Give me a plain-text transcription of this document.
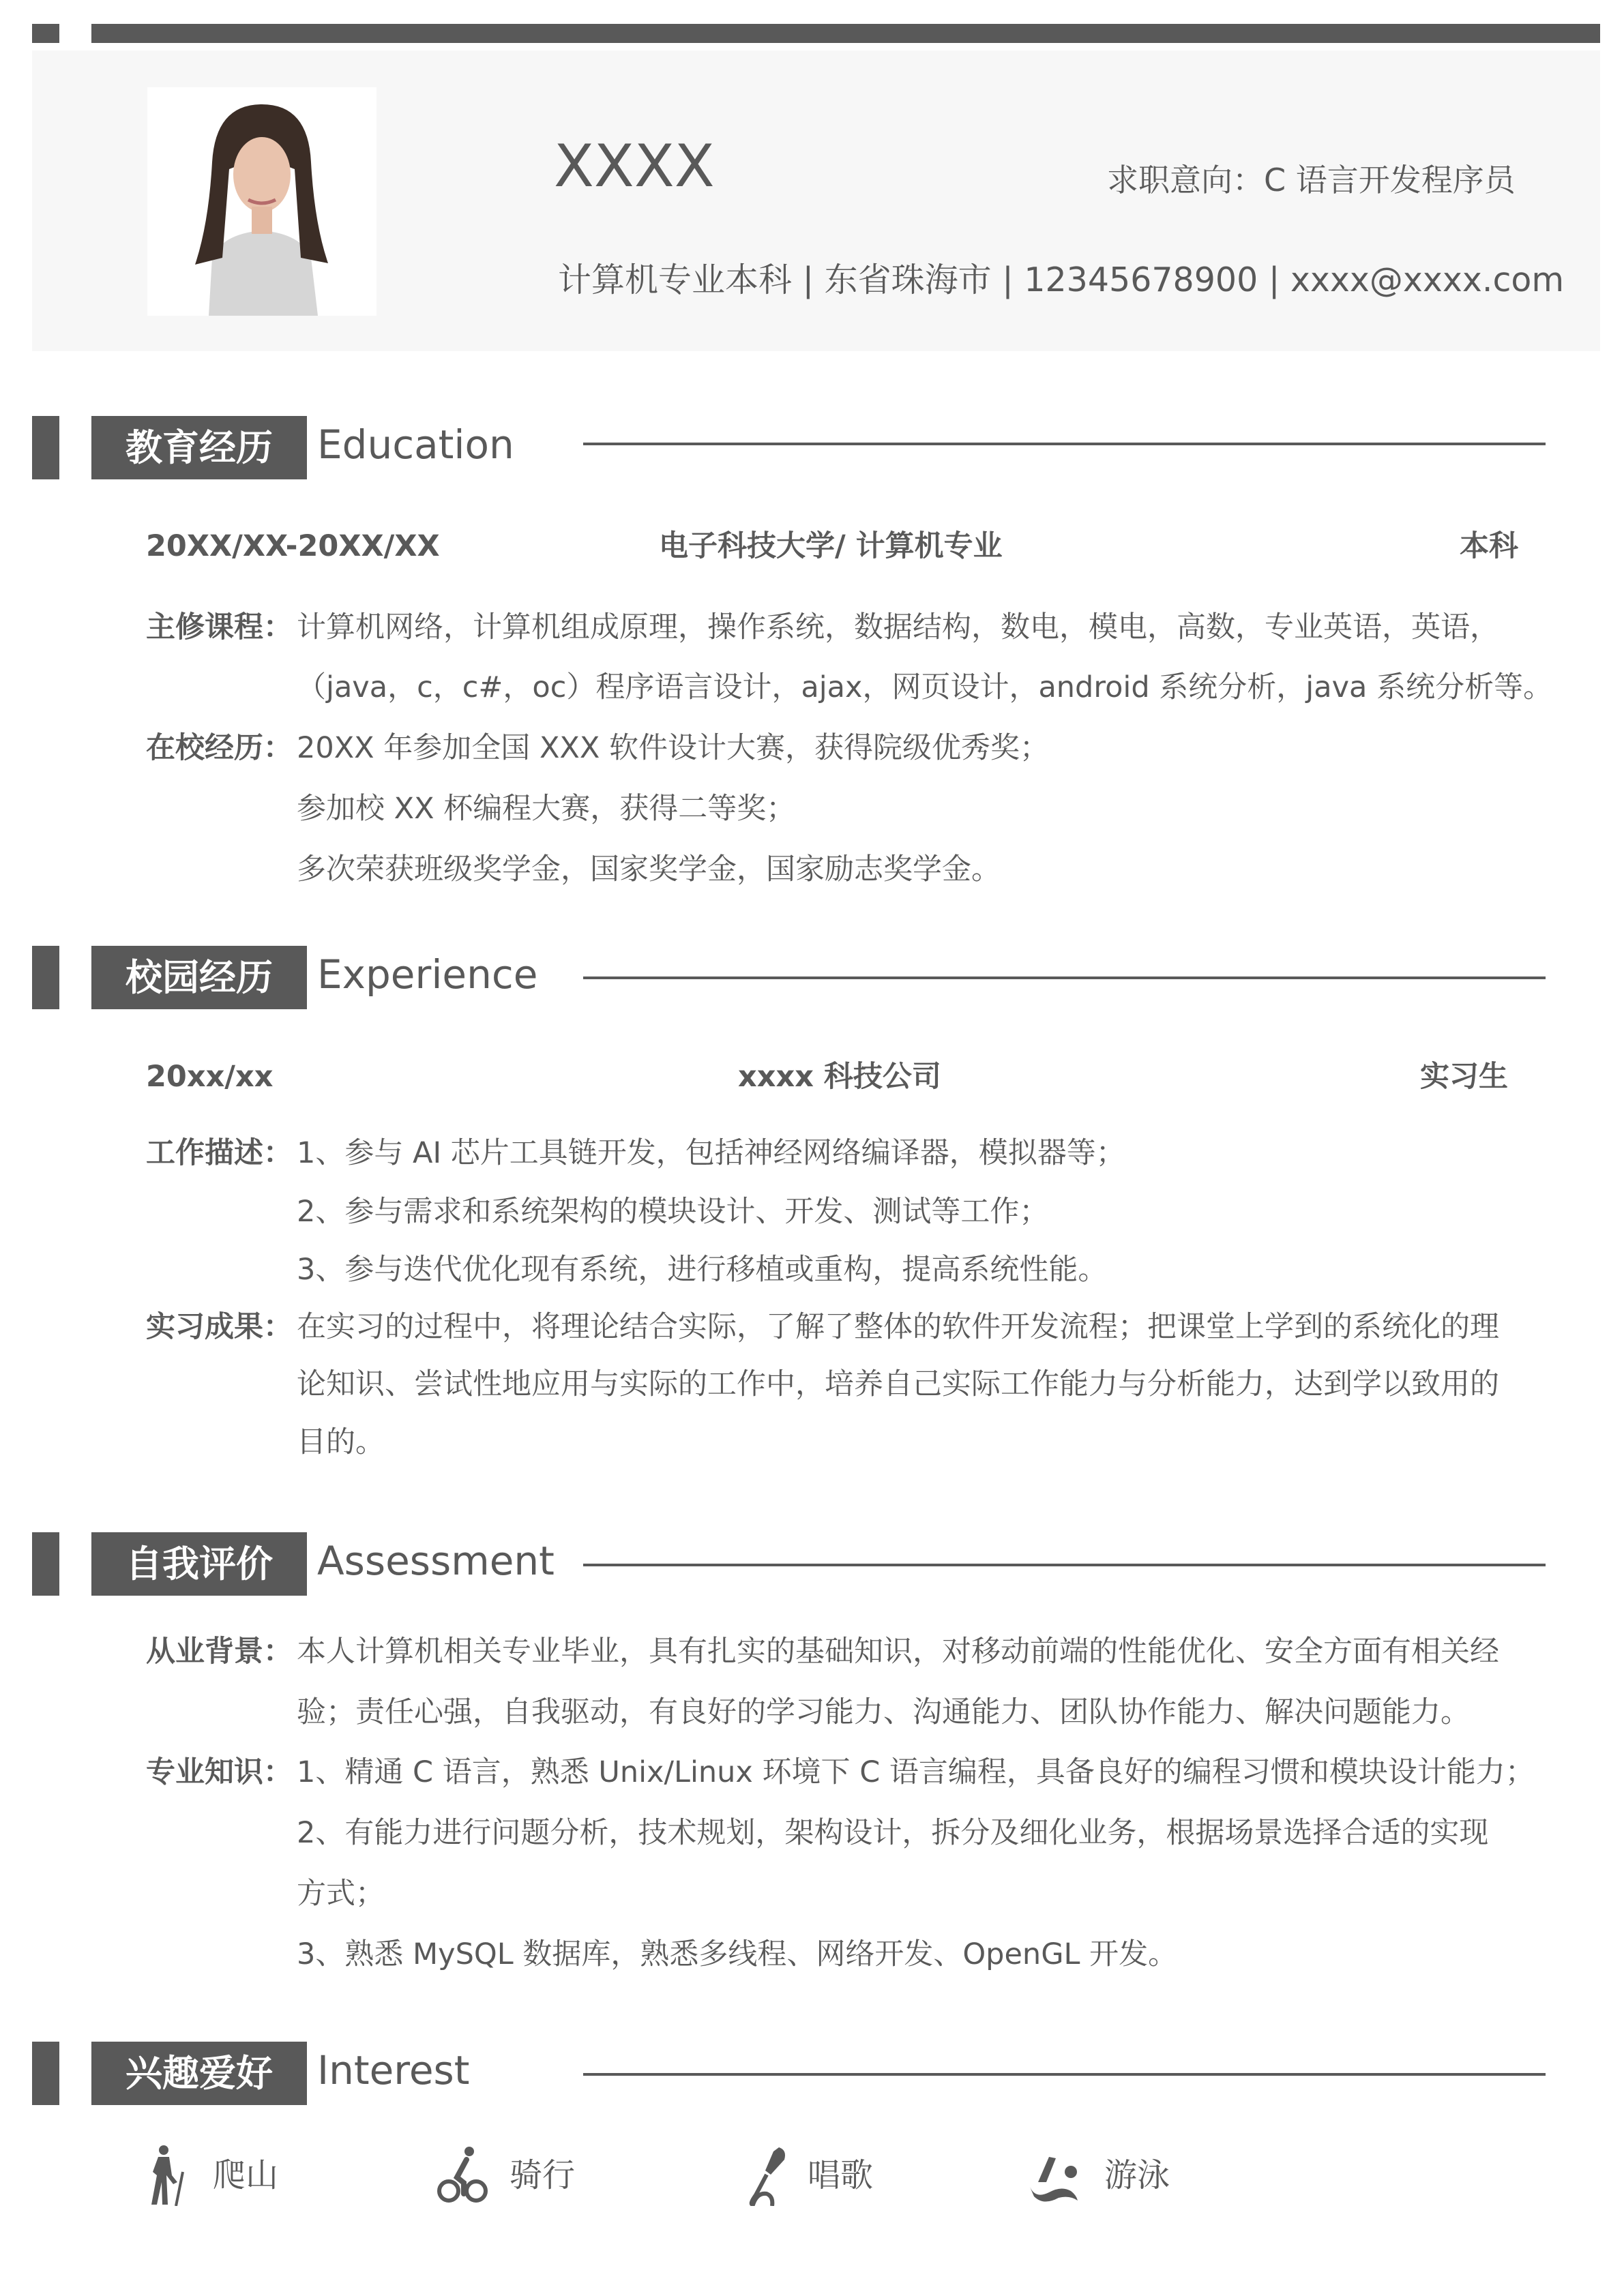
XXXX	求职意向：C 语言开发程序员
计算机专业本科 | 东省珠海市 | 12345678900 | xxxx@xxxx.com
教育经历	Education
20XX/XX-20XX/XX	电子科技大学/ 计算机专业	本科
主修课程： 计算机网络，计算机组成原理，操作系统，数据结构，数电，模电，高数，专业英语，英语，
（java，c，c#，oc）程序语言设计，ajax，网页设计，android 系统分析，java 系统分析等。
在校经历： 20XX 年参加全国 XXX 软件设计大赛，获得院级优秀奖；
参加校 XX 杯编程大赛，获得二等奖；
多次荣获班级奖学金，国家奖学金，国家励志奖学金。
校园经历	Experience
20xx/xx	xxxx 科技公司	实习生
工作描述： 1、参与 AI 芯片工具链开发，包括神经网络编译器，模拟器等；
2、参与需求和系统架构的模块设计、开发、测试等工作；
3、参与迭代优化现有系统，进行移植或重构，提高系统性能。
实习成果： 在实习的过程中，将理论结合实际，了解了整体的软件开发流程；把课堂上学到的系统化的理
论知识、尝试性地应用与实际的工作中，培养自己实际工作能力与分析能力，达到学以致用的
目的。
自我评价	Assessment
从业背景： 本人计算机相关专业毕业，具有扎实的基础知识，对移动前端的性能优化、安全方面有相关经
验；责任心强，自我驱动，有良好的学习能力、沟通能力、团队协作能力、解决问题能力。
专业知识： 1、精通 C 语言，熟悉 Unix/Linux 环境下 C 语言编程，具备良好的编程习惯和模块设计能力；
2、有能力进行问题分析，技术规划，架构设计，拆分及细化业务，根据场景选择合适的实现
方式；
3、熟悉 MySQL 数据库，熟悉多线程、网络开发、OpenGL 开发。
兴趣爱好	Interest
爬山	骑行	唱歌	游泳
